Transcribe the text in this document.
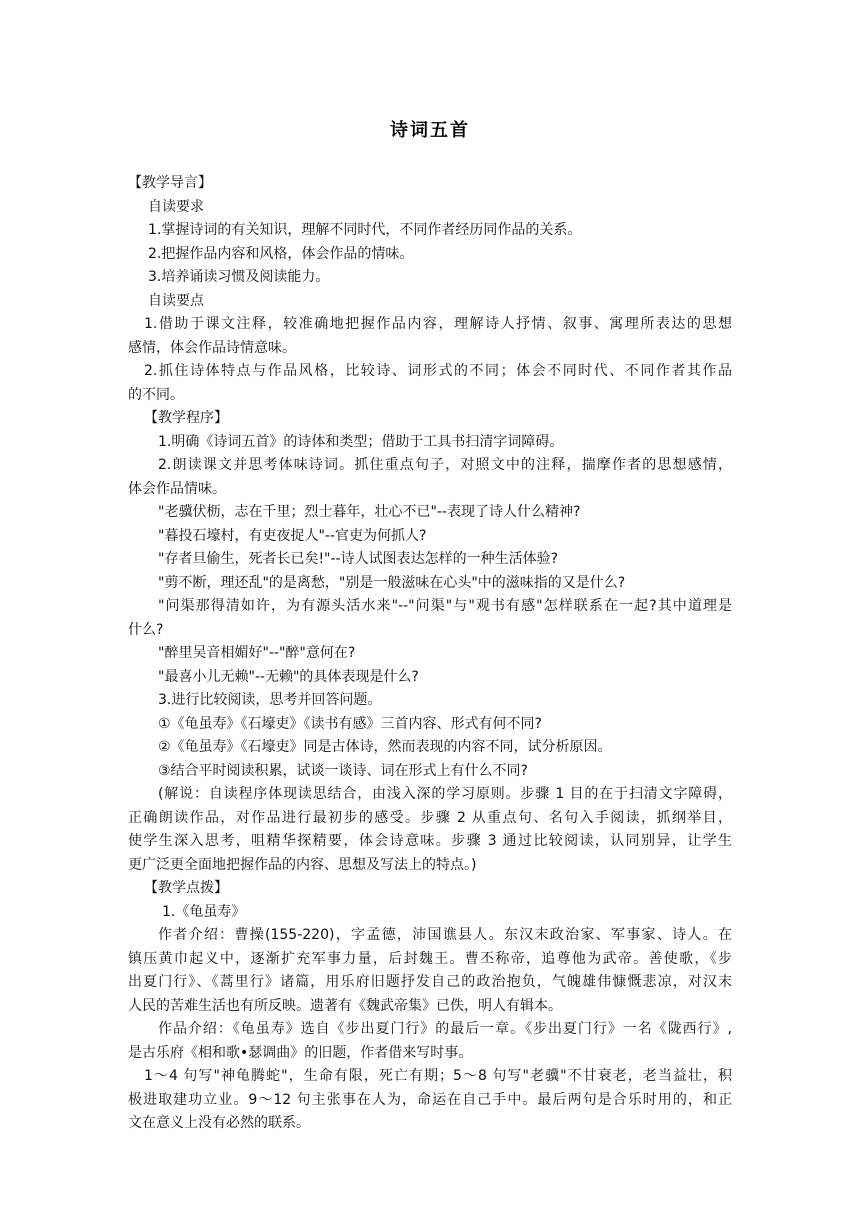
诗词五首
【教学导言】
自读要求
1.掌握诗词的有关知识，理解不同时代，不同作者经历同作品的关系。
2.把握作品内容和风格，体会作品的情味。
3.培养诵读习惯及阅读能力。
自读要点
1.借助于课文注释，较准确地把握作品内容，理解诗人抒情、叙事、寓理所表达的思想
感情，体会作品诗情意味。
2.抓住诗体特点与作品风格，比较诗、词形式的不同；体会不同时代、不同作者其作品
的不同。
【教学程序】
1.明确《诗词五首》的诗体和类型；借助于工具书扫清字词障碍。
2.朗读课文并思考体味诗词。抓住重点句子，对照文中的注释，揣摩作者的思想感情，
体会作品情味。
"老骥伏枥，志在千里；烈士暮年，壮心不已"--表现了诗人什么精神?
"暮投石壕村，有吏夜捉人"--官吏为何抓人?
"存者旦偷生，死者长已矣!"--诗人试图表达怎样的一种生活体验?
"剪不断，理还乱"的是离愁，"别是一般滋味在心头"中的滋味指的又是什么?
"问渠那得清如许，为有源头活水来"--"问渠"与"观书有感"怎样联系在一起?其中道理是
什么?
"醉里吴音相媚好"--"醉"意何在?
"最喜小儿无赖"--无赖"的具体表现是什么?
3.进行比较阅读，思考并回答问题。
①《龟虽寿》《石壕吏》《读书有感》三首内容、形式有何不同?
②《龟虽寿》《石壕吏》同是古体诗，然而表现的内容不同，试分析原因。
③结合平时阅读积累，试谈一谈诗、词在形式上有什么不同?
(解说：自读程序体现读思结合，由浅入深的学习原则。步骤 1 目的在于扫清文字障碍，
正确朗读作品，对作品进行最初步的感受。步骤 2 从重点句、名句入手阅读，抓纲举目，
使学生深入思考，咀精华探精要，体会诗意味。步骤 3 通过比较阅读，认同别异，让学生
更广泛更全面地把握作品的内容、思想及写法上的特点。)
【教学点拨】
1.《龟虽寿》
作者介绍：曹操(155-220)，字孟德，沛国谯县人。东汉末政治家、军事家、诗人。在
镇压黄巾起义中，逐渐扩充军事力量，后封魏王。曹丕称帝，追尊他为武帝。善使歌，《步
出夏门行》、《蒿里行》诸篇，用乐府旧题抒发自己的政治抱负，气魄雄伟慷慨悲凉，对汉末
人民的苦难生活也有所反映。遗著有《魏武帝集》已佚，明人有辑本。
作品介绍：《龟虽寿》选自《步出夏门行》的最后一章。《步出夏门行》一名《陇西行》,
是古乐府《相和歌•瑟调曲》的旧题，作者借来写时事。
1～4 句写"神龟腾蛇"，生命有限，死亡有期；5～8 句写"老骥"不甘衰老，老当益壮，积
极进取建功立业。9～12 句主张事在人为，命运在自己手中。最后两句是合乐时用的，和正
文在意义上没有必然的联系。
